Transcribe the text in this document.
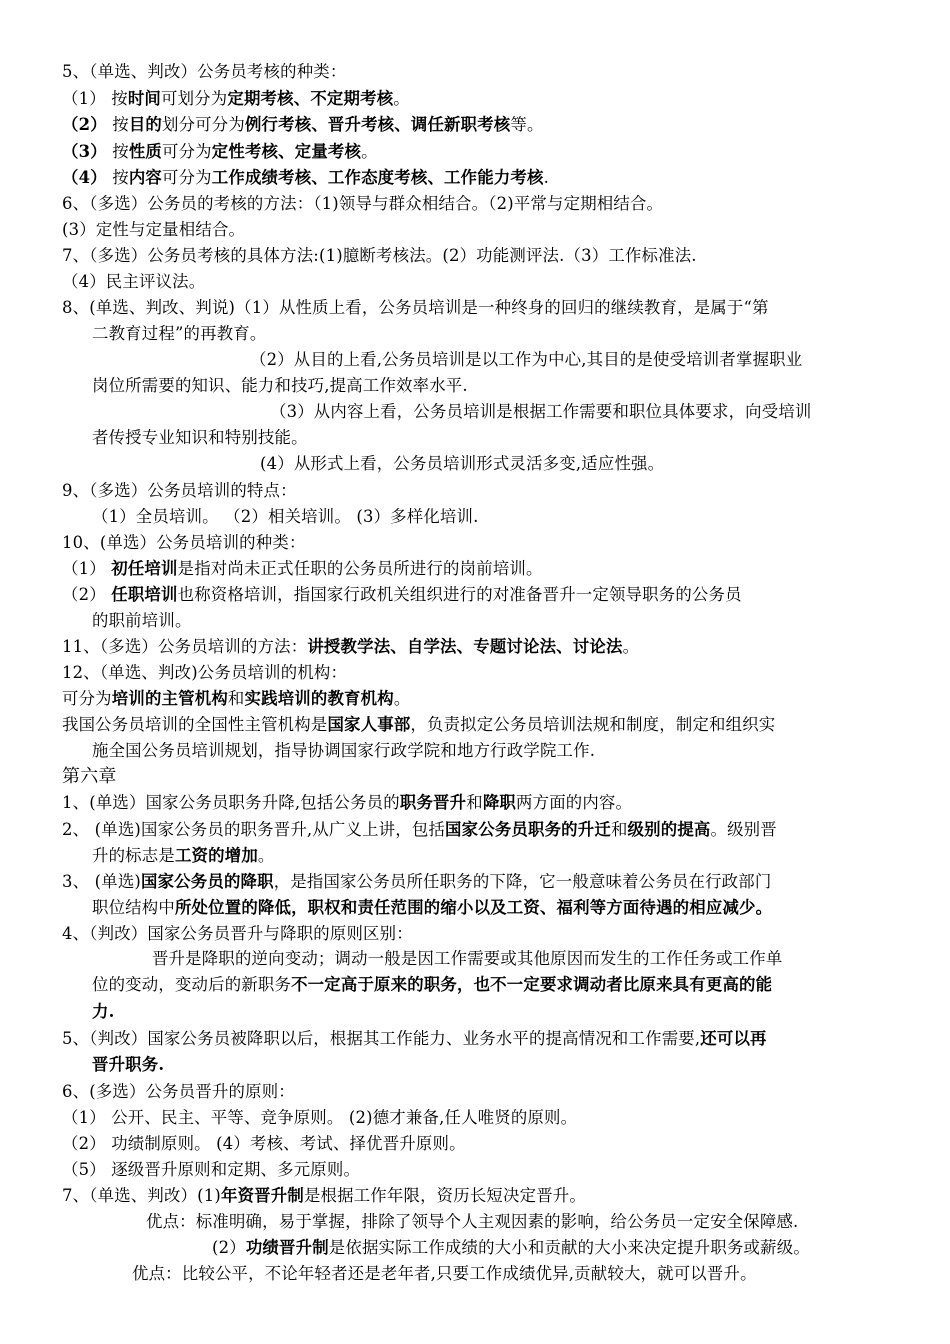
5、（单选、判改）公务员考核的种类：
（1） 按时间可划分为定期考核、不定期考核。
（2） 按目的划分可分为例行考核、晋升考核、调任新职考核等。
（3） 按性质可分为定性考核、定量考核。
（4） 按内容可分为工作成绩考核、工作态度考核、工作能力考核.
6、（多选）公务员的考核的方法：（1)领导与群众相结合。（2)平常与定期相结合。
(3）定性与定量相结合。
7、（多选）公务员考核的具体方法:(1)臆断考核法。(2）功能测评法.（3）工作标准法.
（4）民主评议法。
8、(单选、判改、判说)（1）从性质上看，公务员培训是一种终身的回归的继续教育，是属于“第
二教育过程”的再教育。
（2）从目的上看,公务员培训是以工作为中心,其目的是使受培训者掌握职业
岗位所需要的知识、能力和技巧,提高工作效率水平.
（3）从内容上看，公务员培训是根据工作需要和职位具体要求，向受培训
者传授专业知识和特别技能。
(4）从形式上看，公务员培训形式灵活多变,适应性强。
9、（多选）公务员培训的特点：
（1）全员培训。 （2）相关培训。 (3）多样化培训.
10、(单选）公务员培训的种类：
（1） 初任培训是指对尚未正式任职的公务员所进行的岗前培训。
（2） 任职培训也称资格培训，指国家行政机关组织进行的对准备晋升一定领导职务的公务员
的职前培训。
11、（多选）公务员培训的方法：讲授教学法、自学法、专题讨论法、讨论法。
12、（单选、判改)公务员培训的机构：
可分为培训的主管机构和实践培训的教育机构。
我国公务员培训的全国性主管机构是国家人事部，负责拟定公务员培训法规和制度，制定和组织实
施全国公务员培训规划，指导协调国家行政学院和地方行政学院工作.
第六章
1、(单选）国家公务员职务升降,包括公务员的职务晋升和降职两方面的内容。
2、 (单选)国家公务员的职务晋升,从广义上讲，包括国家公务员职务的升迁和级别的提高。级别晋
升的标志是工资的增加。
3、 (单选)国家公务员的降职，是指国家公务员所任职务的下降，它一般意味着公务员在行政部门
职位结构中所处位置的降低，职权和责任范围的缩小以及工资、福利等方面待遇的相应减少。
4、（判改）国家公务员晋升与降职的原则区别：
晋升是降职的逆向变动；调动一般是因工作需要或其他原因而发生的工作任务或工作单
位的变动，变动后的新职务不一定高于原来的职务，也不一定要求调动者比原来具有更高的能
力.
5、（判改）国家公务员被降职以后，根据其工作能力、业务水平的提高情况和工作需要,还可以再
晋升职务.
6、(多选）公务员晋升的原则：
（1） 公开、民主、平等、竞争原则。 (2)德才兼备,任人唯贤的原则。
（2） 功绩制原则。 (4）考核、考试、择优晋升原则。
（5） 逐级晋升原则和定期、多元原则。
7、（单选、判改）(1)年资晋升制是根据工作年限，资历长短决定晋升。
优点：标准明确，易于掌握，排除了领导个人主观因素的影响，给公务员一定安全保障感.
(2）功绩晋升制是依据实际工作成绩的大小和贡献的大小来决定提升职务或薪级。
优点：比较公平，不论年轻者还是老年者,只要工作成绩优异,贡献较大，就可以晋升。
